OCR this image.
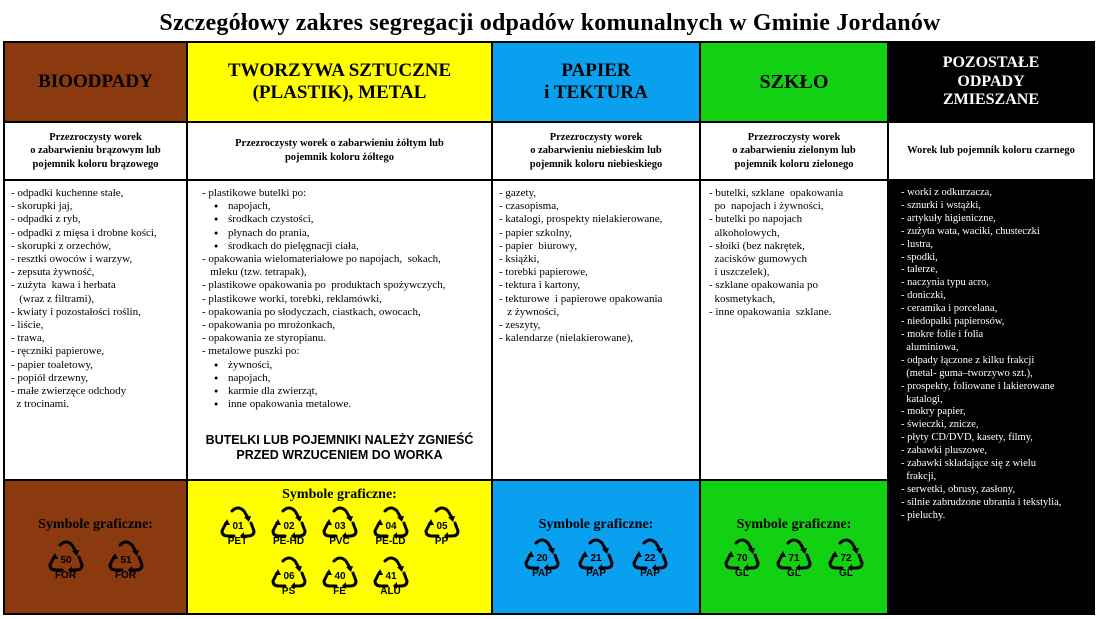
Szczegółowy zakres segregacji odpadów komunalnych w Gminie Jordanów
BIOODPADY
Przezroczysty worek
o zabarwieniu brązowym lub
pojemnik koloru brązowego
- odpadki kuchenne stałe,
- skorupki jaj,
- odpadki z ryb,
- odpadki z mięsa i drobne kości,
- skorupki z orzechów,
- resztki owoców i warzyw,
- zepsuta żywność,
- zużyta  kawa i herbata
(wraz z filtrami),
- kwiaty i pozostałości roślin,
- liście,
- trawa,
- ręczniki papierowe,
- papier toaletowy,
- popiół drzewny,
- małe zwierzęce odchody
z trocinami.
Symbole graficzne:
50
FOR
51
FOR
TWORZYWA SZTUCZNE
(PLASTIK), METAL
Przezroczysty worek o zabarwieniu żółtym lub
pojemnik koloru żółtego
- plastikowe butelki po:
● napojach,
● środkach czystości,
● płynach do prania,
● środkach do pielęgnacji ciała,
- opakowania wielomateriałowe po napojach,  sokach,
mleku (tzw. tetrapak),
- plastikowe opakowania po  produktach spożywczych,
- plastikowe worki, torebki, reklamówki,
- opakowania po słodyczach, ciastkach, owocach,
- opakowania po mrożonkach,
- opakowania ze styropianu.
- metalowe puszki po:
● żywności,
● napojach,
● karmie dla zwierząt,
● inne opakowania metalowe.
BUTELKI LUB POJEMNIKI NALEŻY ZGNIEŚĆ PRZED WRZUCENIEM DO WORKA
Symbole graficzne:
01
PET
02
PE-HD
03
PVC
04
PE-LD
05
PP
06
PS
40
FE
41
ALU
PAPIER
i TEKTURA
Przezroczysty worek
o zabarwieniu niebieskim lub
pojemnik koloru niebieskiego
- gazety,
- czasopisma,
- katalogi, prospekty nielakierowane,
- papier szkolny,
- papier  biurowy,
- książki,
- torebki papierowe,
- tektura i kartony,
- tekturowe  i papierowe opakowania
z żywności,
- zeszyty,
- kalendarze (nielakierowane),
Symbole graficzne:
20
PAP
21
PAP
22
PAP
SZKŁO
Przezroczysty worek
o zabarwieniu zielonym lub
pojemnik koloru zielonego
- butelki, szklane  opakowania
po  napojach i żywności,
- butelki po napojach
alkoholowych,
- słoiki (bez nakrętek,
zacisków gumowych
i uszczelek),
- szklane opakowania po
kosmetykach,
- inne opakowania  szklane.
Symbole graficzne:
70
GL
71
GL
72
GL
POZOSTAŁE
ODPADY
ZMIESZANE
Worek lub pojemnik koloru czarnego
- worki z odkurzacza,
- sznurki i wstążki,
- artykuły higieniczne,
- zużyta wata, waciki, chusteczki
- lustra,
- spodki,
- talerze,
- naczynia typu acro,
- doniczki,
- ceramika i porcelana,
- niedopałki papierosów,
- mokre folie i folia
aluminiowa,
- odpady łączone z kilku frakcji
(metal- guma–tworzywo szt.),
- prospekty, foliowane i lakierowane
katalogi,
- mokry papier,
- świeczki, znicze,
- płyty CD/DVD, kasety, filmy,
- zabawki pluszowe,
- zabawki składające się z wielu
frakcji,
- serwetki, obrusy, zasłony,
- silnie zabrudzone ubrania i tekstylia,
- pieluchy.
